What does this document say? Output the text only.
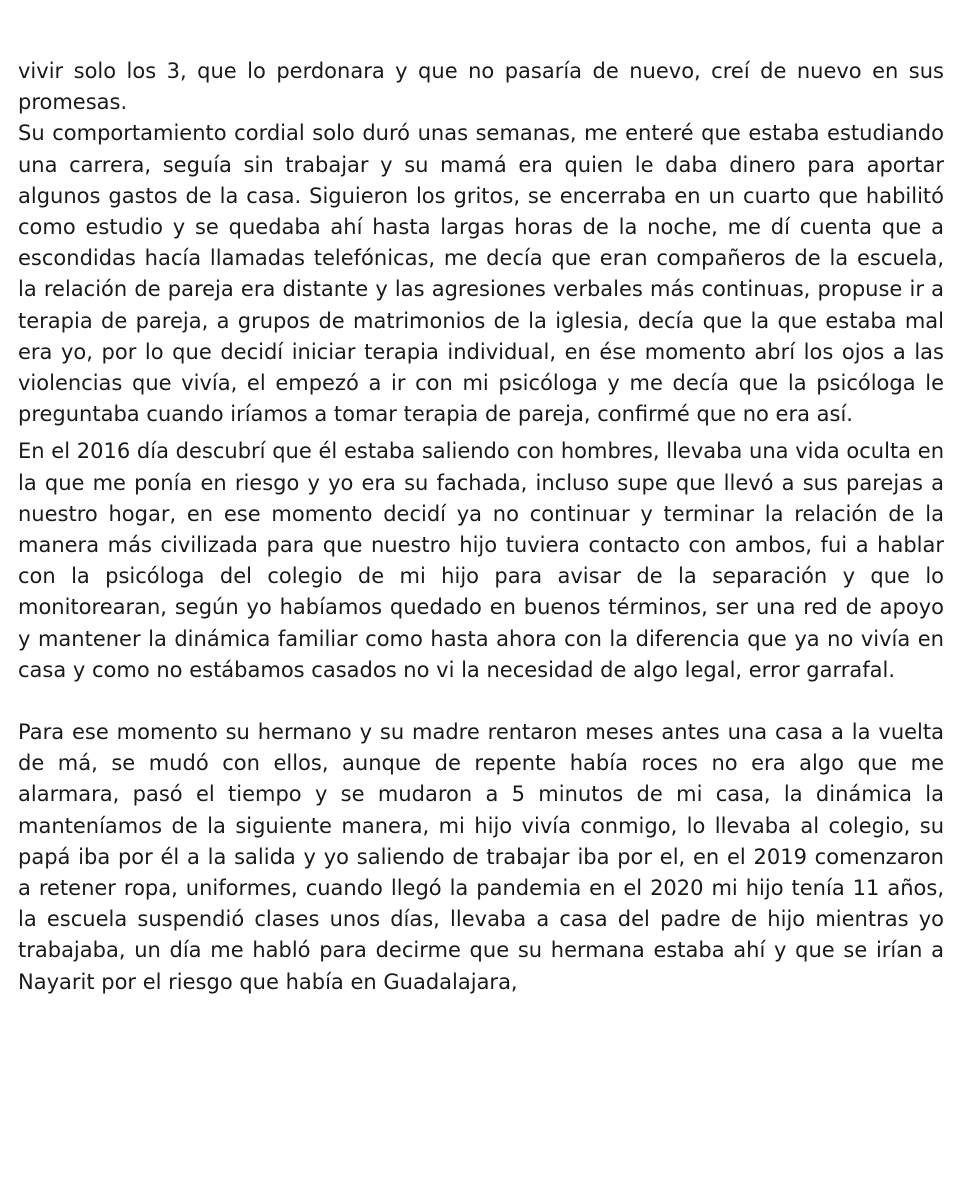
vivir solo los 3, que lo perdonara y que no pasaría de nuevo, creí de nuevo en sus promesas.

Su comportamiento cordial solo duró unas semanas, me enteré que estaba estudiando una carrera, seguía sin trabajar y su mamá era quien le daba dinero para aportar algunos gastos de la casa. Siguieron los gritos, se encerraba en un cuarto que habilitó como estudio y se quedaba ahí hasta largas horas de la noche, me dí cuenta que a escondidas hacía llamadas telefónicas, me decía que eran compañeros de la escuela, la relación de pareja era distante y las agresiones verbales más continuas, propuse ir a terapia de pareja, a grupos de matrimonios de la iglesia, decía que la que estaba mal era yo, por lo que decidí iniciar terapia individual, en ése momento abrí los ojos a las violencias que vivía, el empezó a ir con mi psicóloga y me decía que la psicóloga le preguntaba cuando iríamos a tomar terapia de pareja, confirmé que no era así.

En el 2016 día descubrí que él estaba saliendo con hombres, llevaba una vida oculta en la que me ponía en riesgo y yo era su fachada, incluso supe que llevó a sus parejas a nuestro hogar, en ese momento decidí ya no continuar y terminar la relación de la manera más civilizada para que nuestro hijo tuviera contacto con ambos, fui a hablar con la psicóloga del colegio de mi hijo para avisar de la separación y que lo monitorearan, según yo habíamos quedado en buenos términos, ser una red de apoyo y mantener la dinámica familiar como hasta ahora con la diferencia que ya no vivía en casa y como no estábamos casados no vi la necesidad de algo legal, error garrafal.

Para ese momento su hermano y su madre rentaron meses antes una casa a la vuelta de má, se mudó con ellos, aunque de repente había roces no era algo que me alarmara, pasó el tiempo y se mudaron a 5 minutos de mi casa, la dinámica la manteníamos de la siguiente manera, mi hijo vivía conmigo, lo llevaba al colegio, su papá iba por él a la salida y yo saliendo de trabajar iba por el, en el 2019 comenzaron a retener ropa, uniformes, cuando llegó la pandemia en el 2020 mi hijo tenía 11 años, la escuela suspendió clases unos días, llevaba a casa del padre de hijo mientras yo trabajaba, un día me habló para decirme que su hermana estaba ahí y que se irían a Nayarit por el riesgo que había en Guadalajara,
